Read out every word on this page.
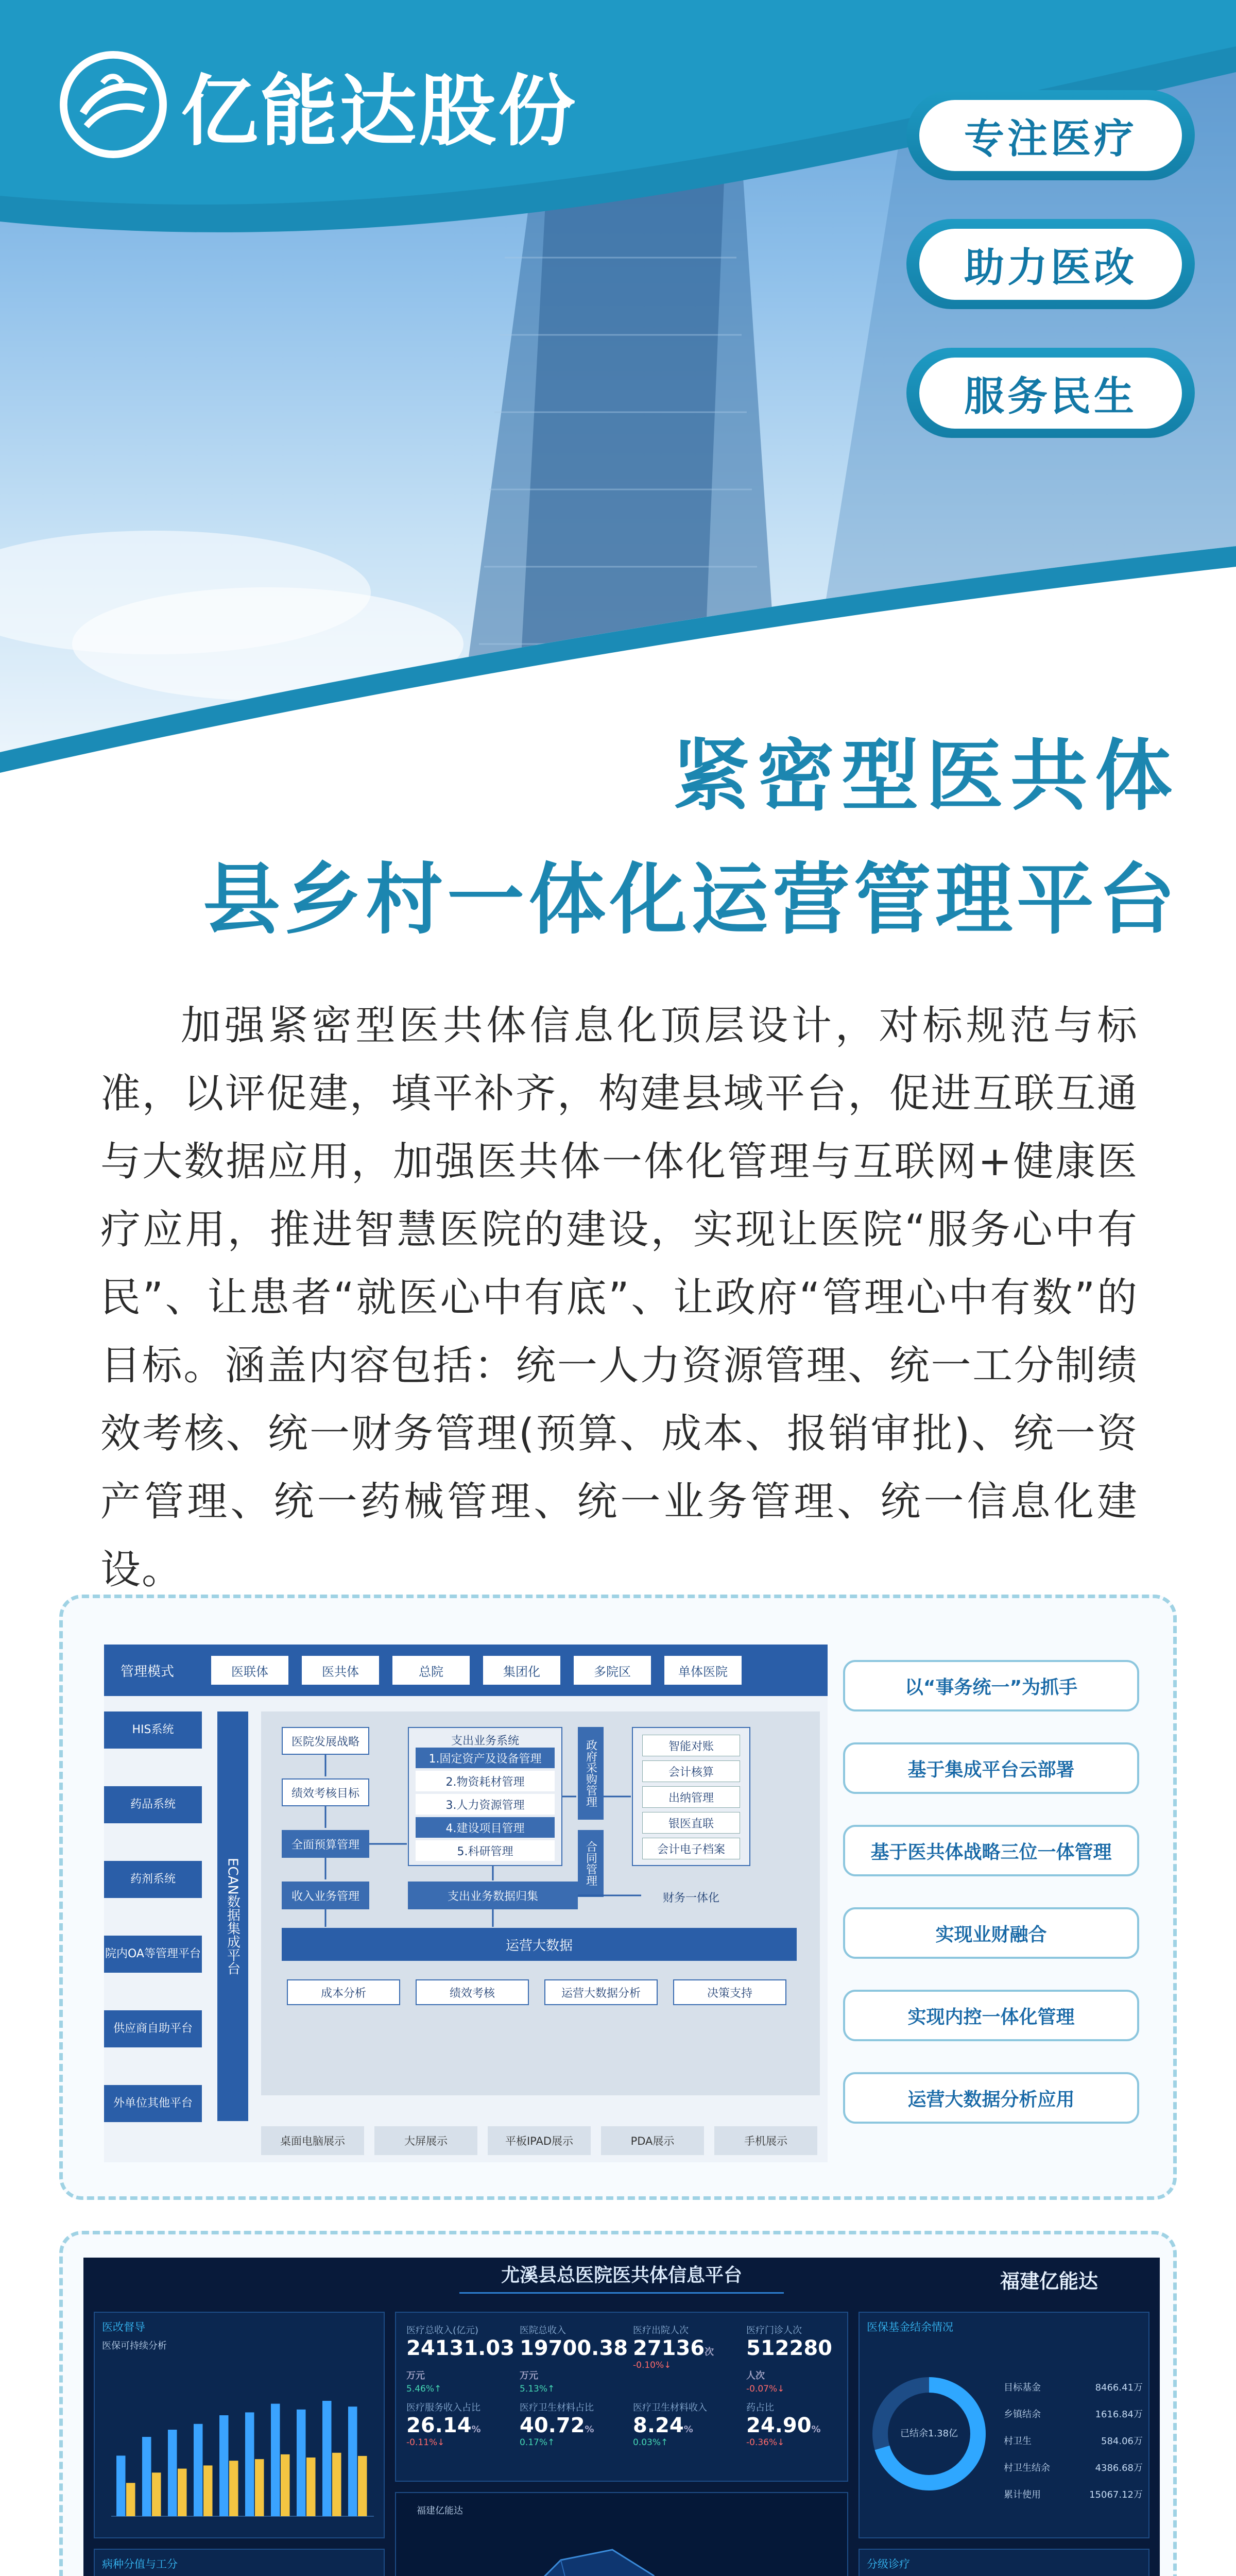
亿能达股份	专注医疗
助力医改
服务民生
紧密型医共体
县乡村一体化运营管理平台

加强紧密型医共体信息化顶层设计，对标规范与标准，以评促建，填平补齐，构建县域平台，促进互联互通与大数据应用，加强医共体一体化管理与互联网+健康医疗应用，推进智慧医院的建设，实现让医院“服务心中有民”、让患者“就医心中有底”、让政府“管理心中有数”的目标。涵盖内容包括：统一人力资源管理、统一工分制绩效考核、统一财务管理(预算、成本、报销审批)、统一资产管理、统一药械管理、统一业务管理、统一信息化建设。

管理模式	医联体	医共体	总院	集团化	多院区	单体医院
HIS系统
药品系统
药剂系统
院内OA等管理平台
供应商自助平台
外单位其他平台
ECAN数据集成平台
医院发展战略
绩效考核目标
全面预算管理
收入业务管理
支出业务系统
1.固定资产及设备管理
2.物资耗材管理
3.人力资源管理
4.建设项目管理
5.科研管理
政府采购管理
合同管理
智能对账
会计核算
出纳管理
银医直联
会计电子档案
支出业务数据归集	财务一体化
运营大数据
成本分析	绩效考核	运营大数据分析	决策支持
桌面电脑展示	大屏展示	平板IPAD展示	PDA展示	手机展示
以“事务统一”为抓手
基于集成平台云部署
基于医共体战略三位一体管理
实现业财融合
实现内控一体化管理
运营大数据分析应用
尤溪县总医院医共体信息平台	福建亿能达
医改督导
医保可持续分析
医疗总收入(亿元)
24131.03万元
5.46%↑
医院总收入
19700.38万元
5.13%↑
医疗出院人次
27136次
-0.10%↓
医疗门诊人次
512280人次
-0.07%↓
医疗服务收入占比
26.14%
-0.11%↓
医疗卫生材料占比
40.72%
0.17%↑
医疗卫生材料收入
8.24%
0.03%↑
药占比
24.90%
-0.36%↓
医保基金结余情况
已结余1.38亿
目标基金	8466.41万
乡镇结余	1616.84万
村卫生	584.06万
村卫生结余	4386.68万
累计使用	15067.12万
病种分值与工分
福建亿能达
分级诊疗
